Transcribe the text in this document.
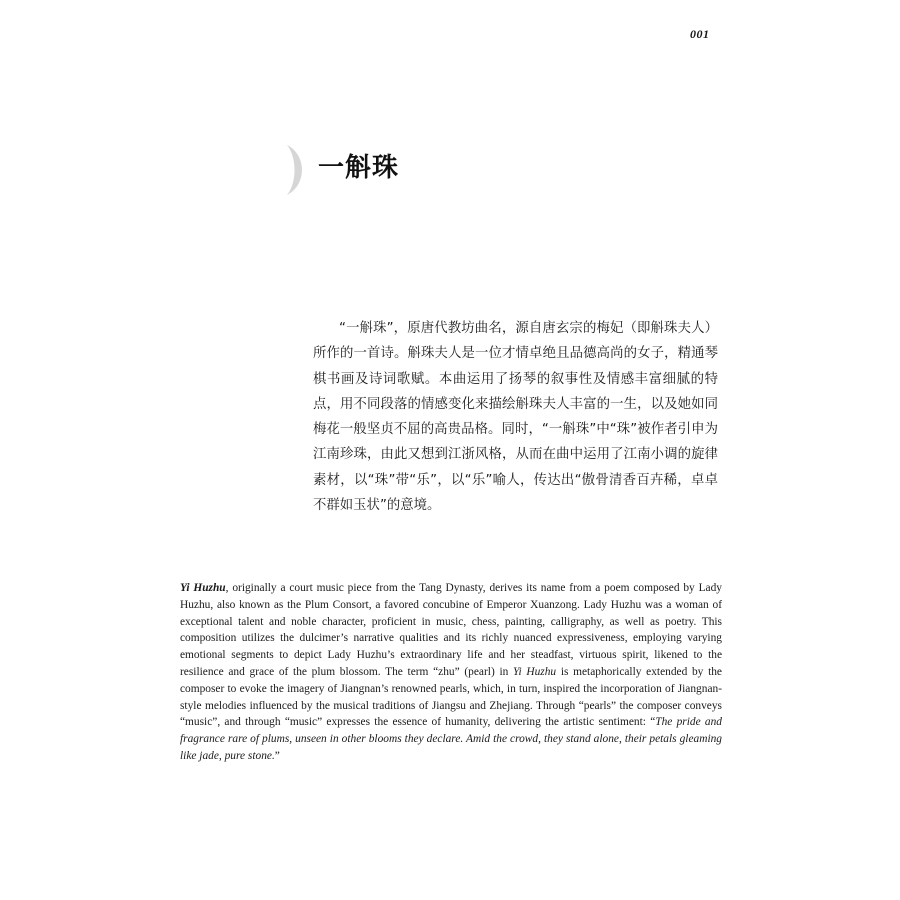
001
一斛珠

“一斛珠”，原唐代教坊曲名，源自唐玄宗的梅妃（即斛珠夫人）所作的一首诗。斛珠夫人是一位才情卓绝且品德高尚的女子，精通琴棋书画及诗词歌赋。本曲运用了扬琴的叙事性及情感丰富细腻的特点，用不同段落的情感变化来描绘斛珠夫人丰富的一生，以及她如同梅花一般坚贞不屈的高贵品格。同时，“一斛珠”中“珠”被作者引申为江南珍珠，由此又想到江浙风格，从而在曲中运用了江南小调的旋律素材，以“珠”带“乐”，以“乐”喻人，传达出“傲骨清香百卉稀，卓卓不群如玉状”的意境。

Yi Huzhu, originally a court music piece from the Tang Dynasty, derives its name from a poem composed by Lady Huzhu, also known as the Plum Consort, a favored concubine of Emperor Xuanzong. Lady Huzhu was a woman of exceptional talent and noble character, proficient in music, chess, painting, calligraphy, as well as poetry. This composition utilizes the dulcimer’s narrative qualities and its richly nuanced expressiveness, employing varying emotional segments to depict Lady Huzhu’s extraordinary life and her steadfast, virtuous spirit, likened to the resilience and grace of the plum blossom. The term “zhu” (pearl) in Yi Huzhu is metaphorically extended by the composer to evoke the imagery of Jiangnan’s renowned pearls, which, in turn, inspired the incorporation of Jiangnan-style melodies influenced by the musical traditions of Jiangsu and Zhejiang. Through “pearls” the composer conveys “music”, and through “music” expresses the essence of humanity, delivering the artistic sentiment: “The pride and fragrance rare of plums, unseen in other blooms they declare. Amid the crowd, they stand alone, their petals gleaming like jade, pure stone.”
